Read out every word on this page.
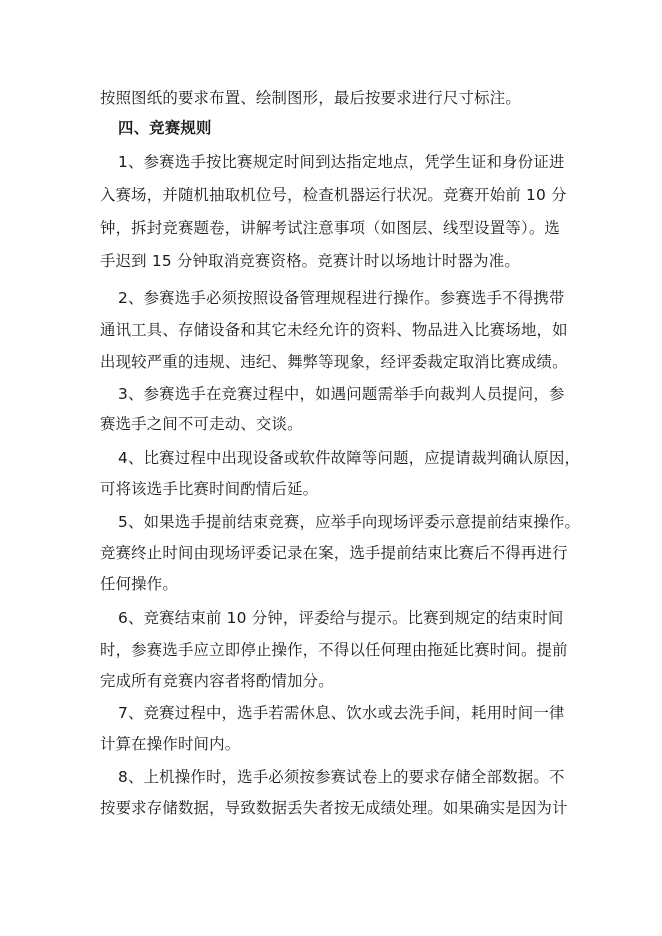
按照图纸的要求布置、绘制图形，最后按要求进行尺寸标注。
四、竞赛规则
1、参赛选手按比赛规定时间到达指定地点，凭学生证和身份证进
入赛场，并随机抽取机位号，检查机器运行状况。竞赛开始前 10 分
钟，拆封竞赛题卷，讲解考试注意事项（如图层、线型设置等）。选
手迟到 15 分钟取消竞赛资格。竞赛计时以场地计时器为准。
2、参赛选手必须按照设备管理规程进行操作。参赛选手不得携带
通讯工具、存储设备和其它未经允许的资料、物品进入比赛场地，如
出现较严重的违规、违纪、舞弊等现象，经评委裁定取消比赛成绩。
3、参赛选手在竞赛过程中，如遇问题需举手向裁判人员提问，参
赛选手之间不可走动、交谈。
4、比赛过程中出现设备或软件故障等问题，应提请裁判确认原因，
可将该选手比赛时间酌情后延。
5、如果选手提前结束竞赛，应举手向现场评委示意提前结束操作。
竞赛终止时间由现场评委记录在案，选手提前结束比赛后不得再进行
任何操作。
6、竞赛结束前 10 分钟，评委给与提示。比赛到规定的结束时间
时，参赛选手应立即停止操作，不得以任何理由拖延比赛时间。提前
完成所有竞赛内容者将酌情加分。
7、竞赛过程中，选手若需休息、饮水或去洗手间，耗用时间一律
计算在操作时间内。
8、上机操作时，选手必须按参赛试卷上的要求存储全部数据。不
按要求存储数据，导致数据丢失者按无成绩处理。如果确实是因为计
